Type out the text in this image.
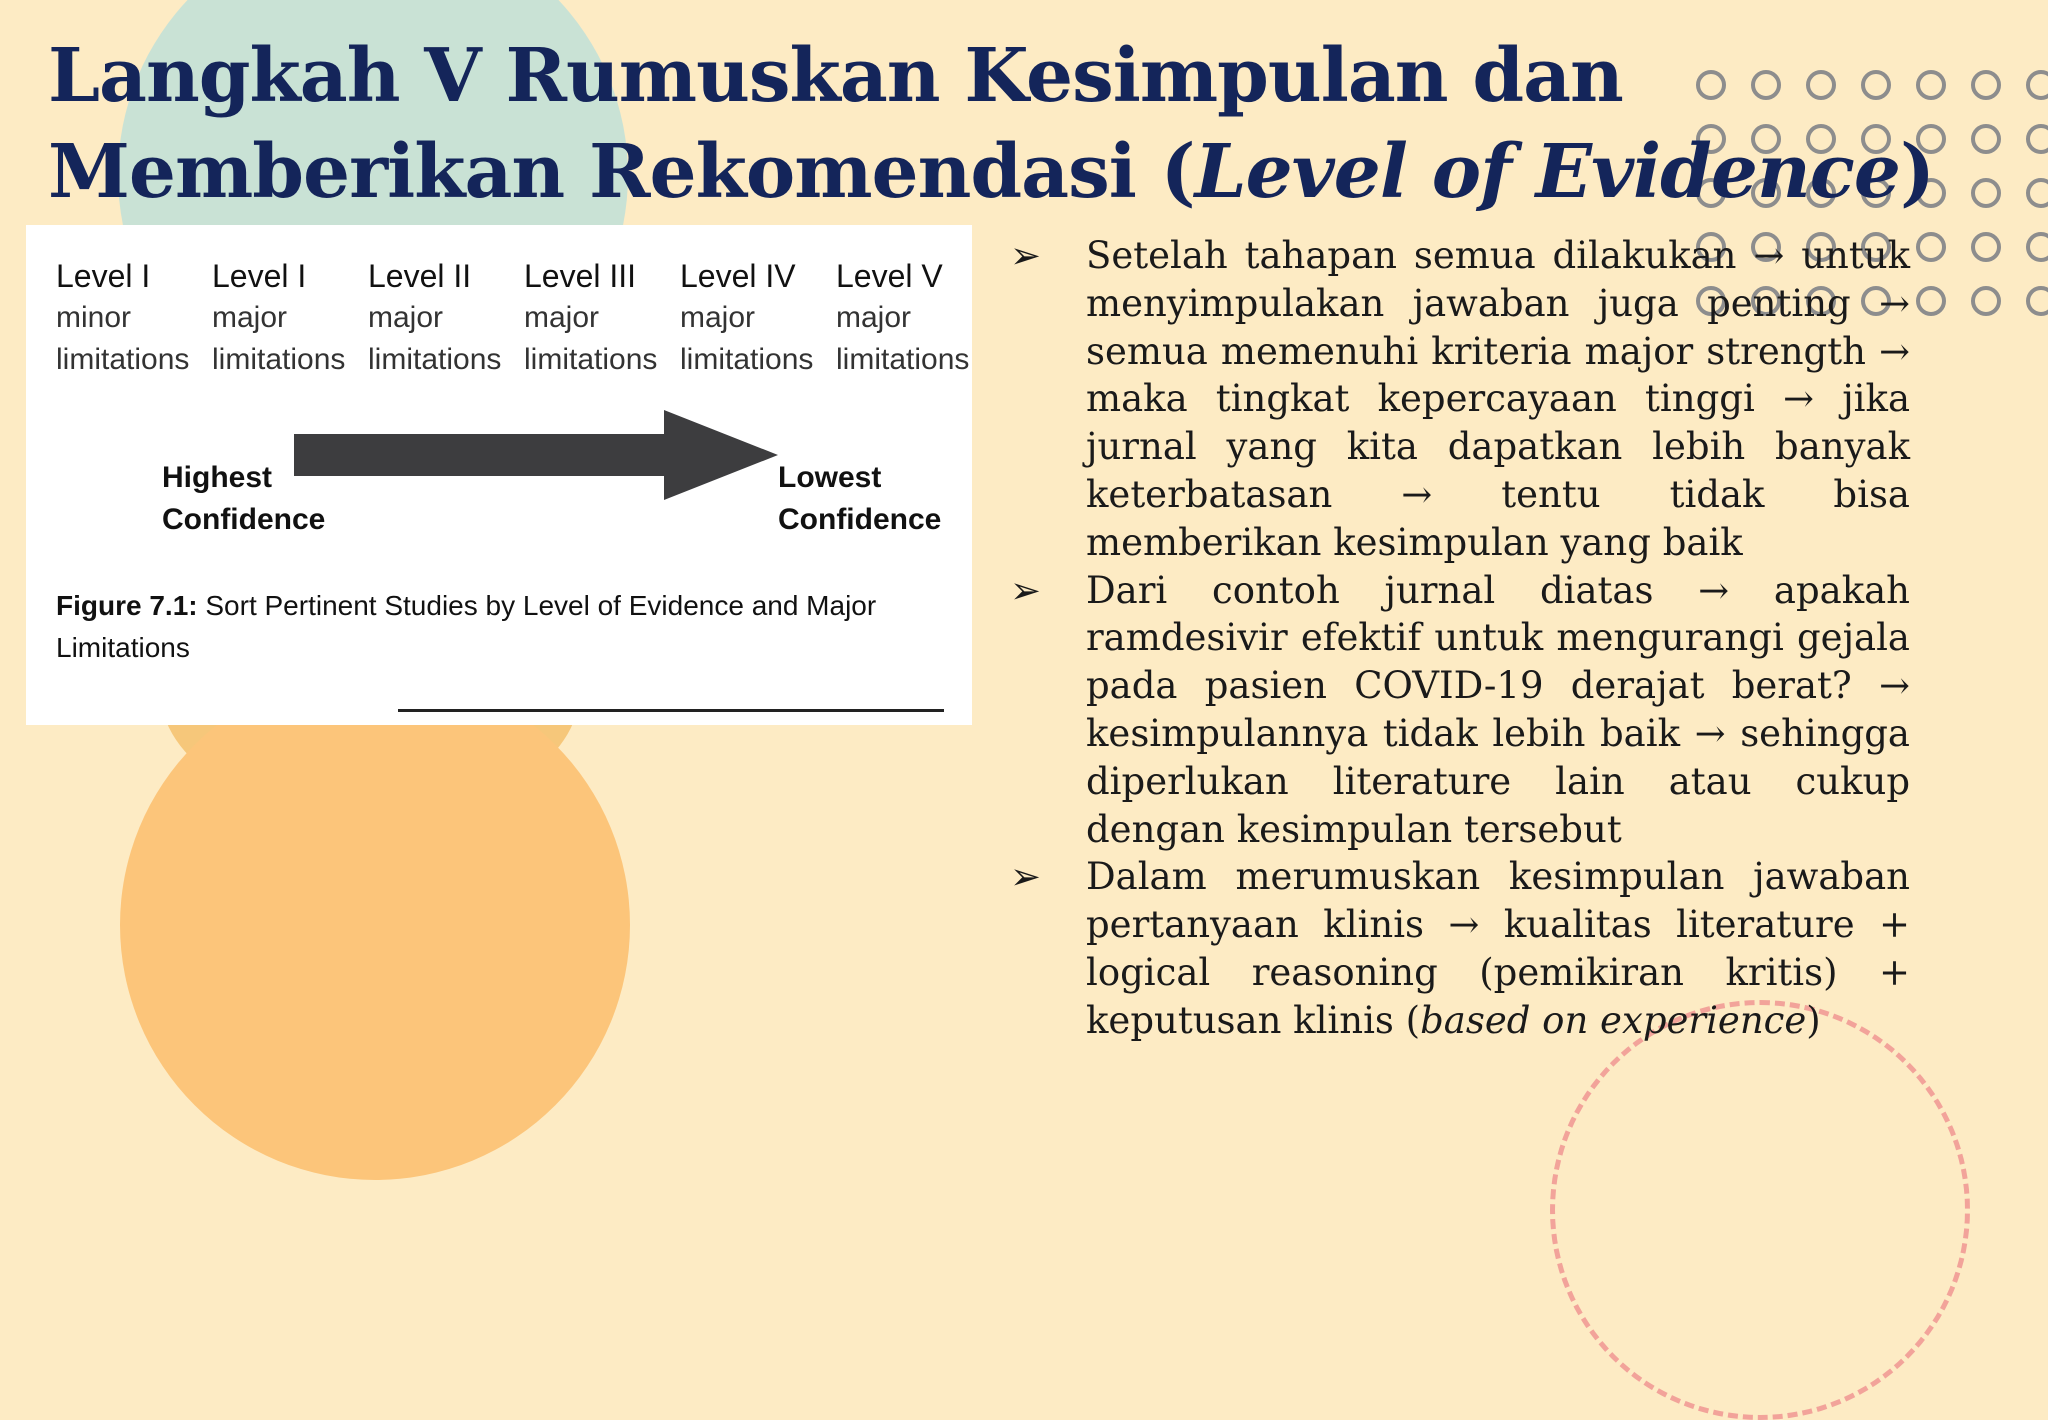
Langkah V Rumuskan Kesimpulan dan
Memberikan Rekomendasi (Level of Evidence)
Level I
minor
limitations
Level I
major
limitations
Level II
major
limitations
Level III
major
limitations
Level IV
major
limitations
Level V
major
limitations
Highest
Confidence
Lowest
Confidence
Figure 7.1: Sort Pertinent Studies by Level of Evidence and Major Limitations
➢ Setelah tahapan semua dilakukan → untuk menyimpulakan jawaban juga penting → semua memenuhi kriteria major strength → maka tingkat kepercayaan tinggi → jika jurnal yang kita dapatkan lebih banyak keterbatasan → tentu tidak bisa memberikan kesimpulan yang baik
➢ Dari contoh jurnal diatas → apakah ramdesivir efektif untuk mengurangi gejala pada pasien COVID-19 derajat berat? → kesimpulannya tidak lebih baik → sehingga diperlukan literature lain atau cukup dengan kesimpulan tersebut
➢ Dalam merumuskan kesimpulan jawaban pertanyaan klinis → kualitas literature + logical reasoning (pemikiran kritis) + keputusan klinis (based on experience)
